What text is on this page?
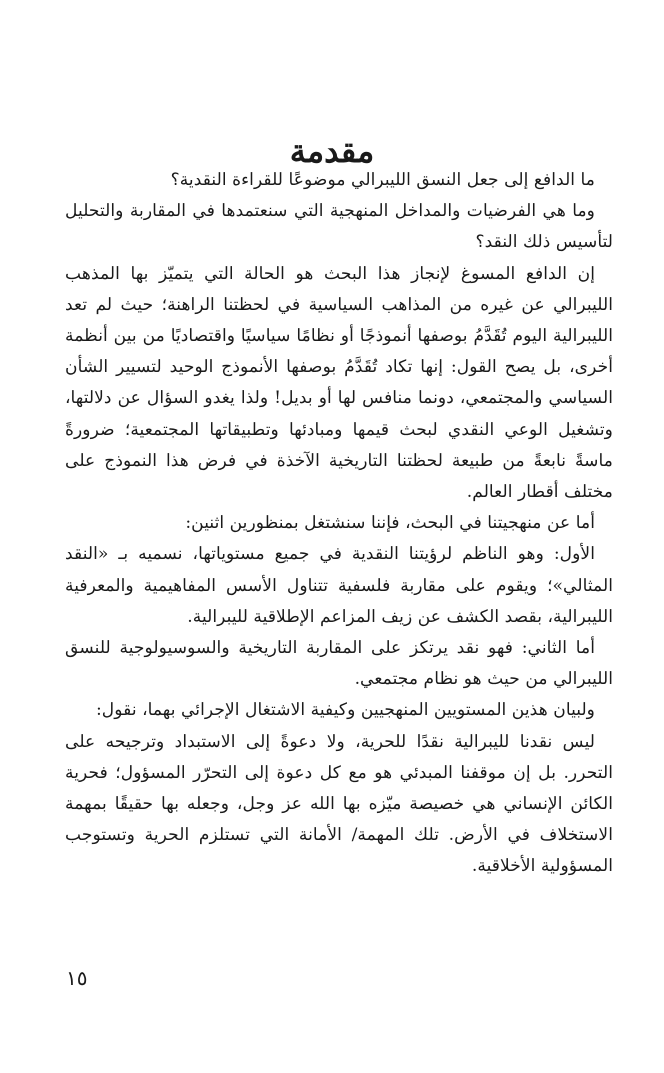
مقدمة

ما الدافع إلى جعل النسق الليبرالي موضوعًا للقراءة النقدية؟

وما هي الفرضيات والمداخل المنهجية التي سنعتمدها في المقاربة والتحليل لتأسيس ذلك النقد؟

إن الدافع المسوغ لإنجاز هذا البحث هو الحالة التي يتميّز بها المذهب الليبرالي عن غيره من المذاهب السياسية في لحظتنا الراهنة؛ حيث لم تعد الليبرالية اليوم تُقَدَّمُ بوصفها أنموذجًا أو نظامًا سياسيًا واقتصاديًا من بين أنظمة أخرى، بل يصح القول: إنها تكاد تُقَدَّمُ بوصفها الأنموذج الوحيد لتسيير الشأن السياسي والمجتمعي، دونما منافس لها أو بديل! ولذا يغدو السؤال عن دلالتها، وتشغيل الوعي النقدي لبحث قيمها ومبادئها وتطبيقاتها المجتمعية؛ ضرورةً ماسةً نابعةً من طبيعة لحظتنا التاريخية الآخذة في فرض هذا النموذج على مختلف أقطار العالم.

أما عن منهجيتنا في البحث، فإننا سنشتغل بمنظورين اثنين:

الأول: وهو الناظم لرؤيتنا النقدية في جميع مستوياتها، نسميه بـ «النقد المثالي»؛ ويقوم على مقاربة فلسفية تتناول الأسس المفاهيمية والمعرفية الليبرالية، بقصد الكشف عن زيف المزاعم الإطلاقية لليبرالية.

أما الثاني: فهو نقد يرتكز على المقاربة التاريخية والسوسيولوجية للنسق الليبرالي من حيث هو نظام مجتمعي.

ولبيان هذين المستويين المنهجيين وكيفية الاشتغال الإجرائي بهما، نقول:

ليس نقدنا لليبرالية نقدًا للحرية، ولا دعوةً إلى الاستبداد وترجيحه على التحرر. بل إن موقفنا المبدئي هو مع كل دعوة إلى التحرّر المسؤول؛ فحرية الكائن الإنساني هي خصيصة ميّزه بها الله عز وجل، وجعله بها حقيقًا بمهمة الاستخلاف في الأرض. تلك المهمة/ الأمانة التي تستلزم الحرية وتستوجب المسؤولية الأخلاقية.

١٥
